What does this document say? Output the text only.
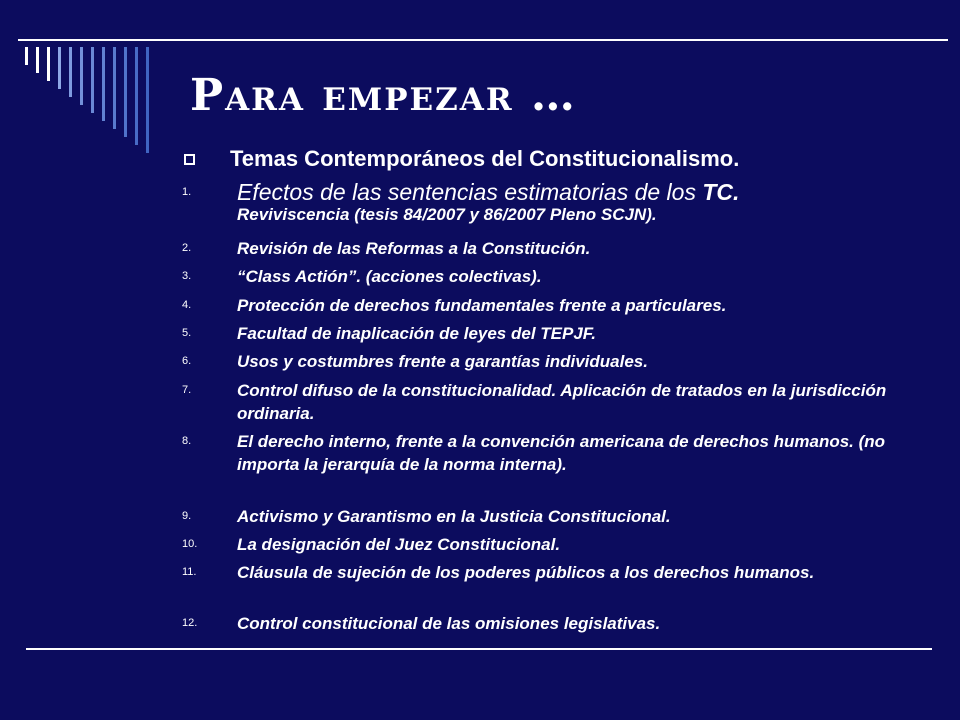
Para empezar …
Temas Contemporáneos del Constitucionalismo.
1.	Efectos de las sentencias estimatorias de los TC.
Reviviscencia (tesis 84/2007 y 86/2007 Pleno SCJN).
2.	Revisión de las Reformas a la Constitución.
3.	“Class Actión”. (acciones colectivas).
4.	Protección de derechos fundamentales frente a particulares.
5.	Facultad de inaplicación de leyes del TEPJF.
6.	Usos y costumbres frente a garantías individuales.
7.	Control difuso de la constitucionalidad. Aplicación de tratados en la jurisdicción ordinaria.
8.	El derecho interno, frente a la convención americana de derechos humanos. (no importa la jerarquía de la norma interna).
9.	Activismo y Garantismo en la Justicia Constitucional.
10.	La designación del Juez Constitucional.
11.	Cláusula de sujeción de los poderes públicos a los derechos humanos.
12.	Control constitucional de las omisiones legislativas.
